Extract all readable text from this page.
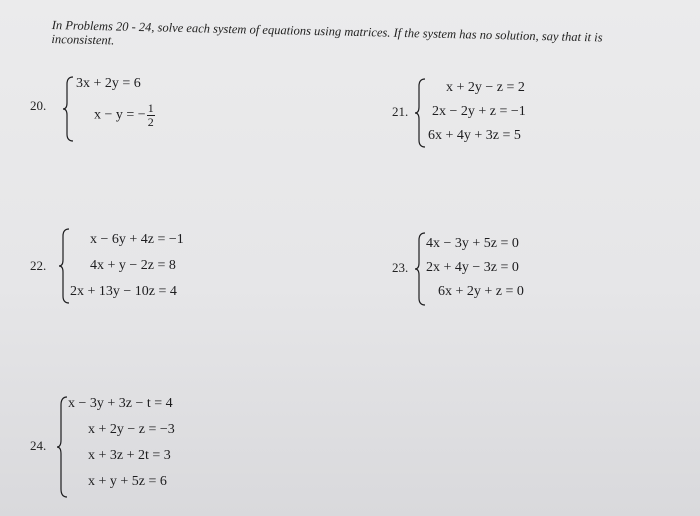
In Problems 20 - 24, solve each system of equations using matrices. If the system has no solution, say that it is inconsistent.
20.
3x + 2y = 6
x − y = − $\frac{1}{2}$	21.
x + 2y − z = 2
2x − 2y + z = −1
6x + 4y + 3z = 5
22.
x − 6y + 4z = −1
4x + y − 2z = 8
2x + 13y − 10z = 4
23.
4x − 3y + 5z = 0
2x + 4y − 3z = 0
6x + 2y + z = 0
24.
x − 3y + 3z − t = 4
x + 2y − z = −3
x + 3z + 2t = 3
x + y + 5z = 6
